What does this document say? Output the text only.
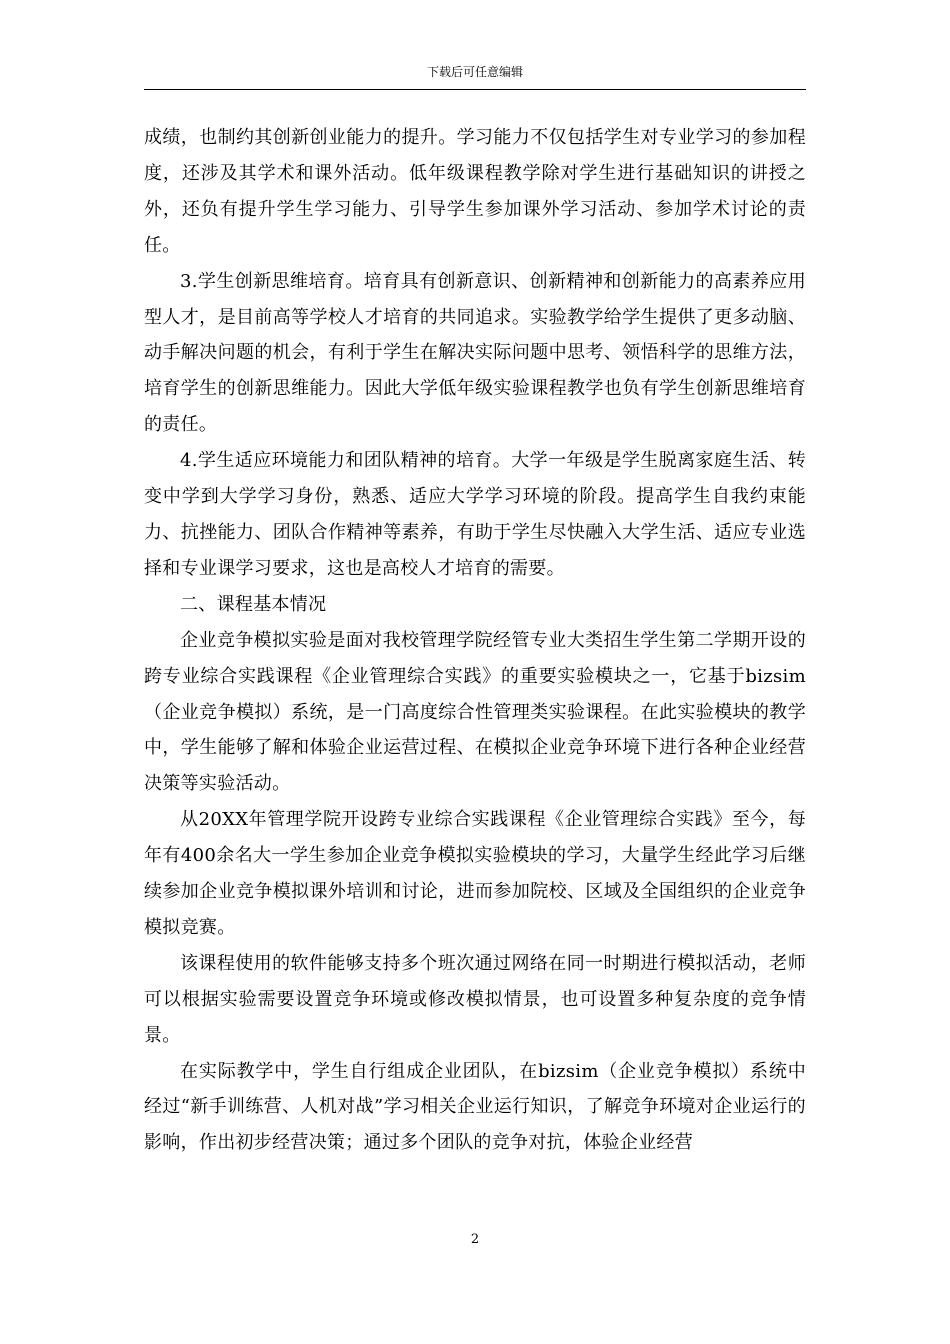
下载后可任意编辑

成绩，也制约其创新创业能力的提升。学习能力不仅包括学生对专业学习的参加程度，还涉及其学术和课外活动。低年级课程教学除对学生进行基础知识的讲授之外，还负有提升学生学习能力、引导学生参加课外学习活动、参加学术讨论的责任。

3.学生创新思维培育。培育具有创新意识、创新精神和创新能力的高素养应用型人才，是目前高等学校人才培育的共同追求。实验教学给学生提供了更多动脑、动手解决问题的机会，有利于学生在解决实际问题中思考、领悟科学的思维方法，培育学生的创新思维能力。因此大学低年级实验课程教学也负有学生创新思维培育的责任。

4.学生适应环境能力和团队精神的培育。大学一年级是学生脱离家庭生活、转变中学到大学学习身份，熟悉、适应大学学习环境的阶段。提高学生自我约束能力、抗挫能力、团队合作精神等素养，有助于学生尽快融入大学生活、适应专业选择和专业课学习要求，这也是高校人才培育的需要。

二、课程基本情况

企业竞争模拟实验是面对我校管理学院经管专业大类招生学生第二学期开设的跨专业综合实践课程《企业管理综合实践》的重要实验模块之一，它基于bizsim（企业竞争模拟）系统，是一门高度综合性管理类实验课程。在此实验模块的教学中，学生能够了解和体验企业运营过程、在模拟企业竞争环境下进行各种企业经营决策等实验活动。

从20XX年管理学院开设跨专业综合实践课程《企业管理综合实践》至今，每年有400余名大一学生参加企业竞争模拟实验模块的学习，大量学生经此学习后继续参加企业竞争模拟课外培训和讨论，进而参加院校、区域及全国组织的企业竞争模拟竞赛。

该课程使用的软件能够支持多个班次通过网络在同一时期进行模拟活动，老师可以根据实验需要设置竞争环境或修改模拟情景，也可设置多种复杂度的竞争情景。

在实际教学中，学生自行组成企业团队，在bizsim（企业竞争模拟）系统中经过“新手训练营、人机对战”学习相关企业运行知识，了解竞争环境对企业运行的影响，作出初步经营决策；通过多个团队的竞争对抗，体验企业经营

2
